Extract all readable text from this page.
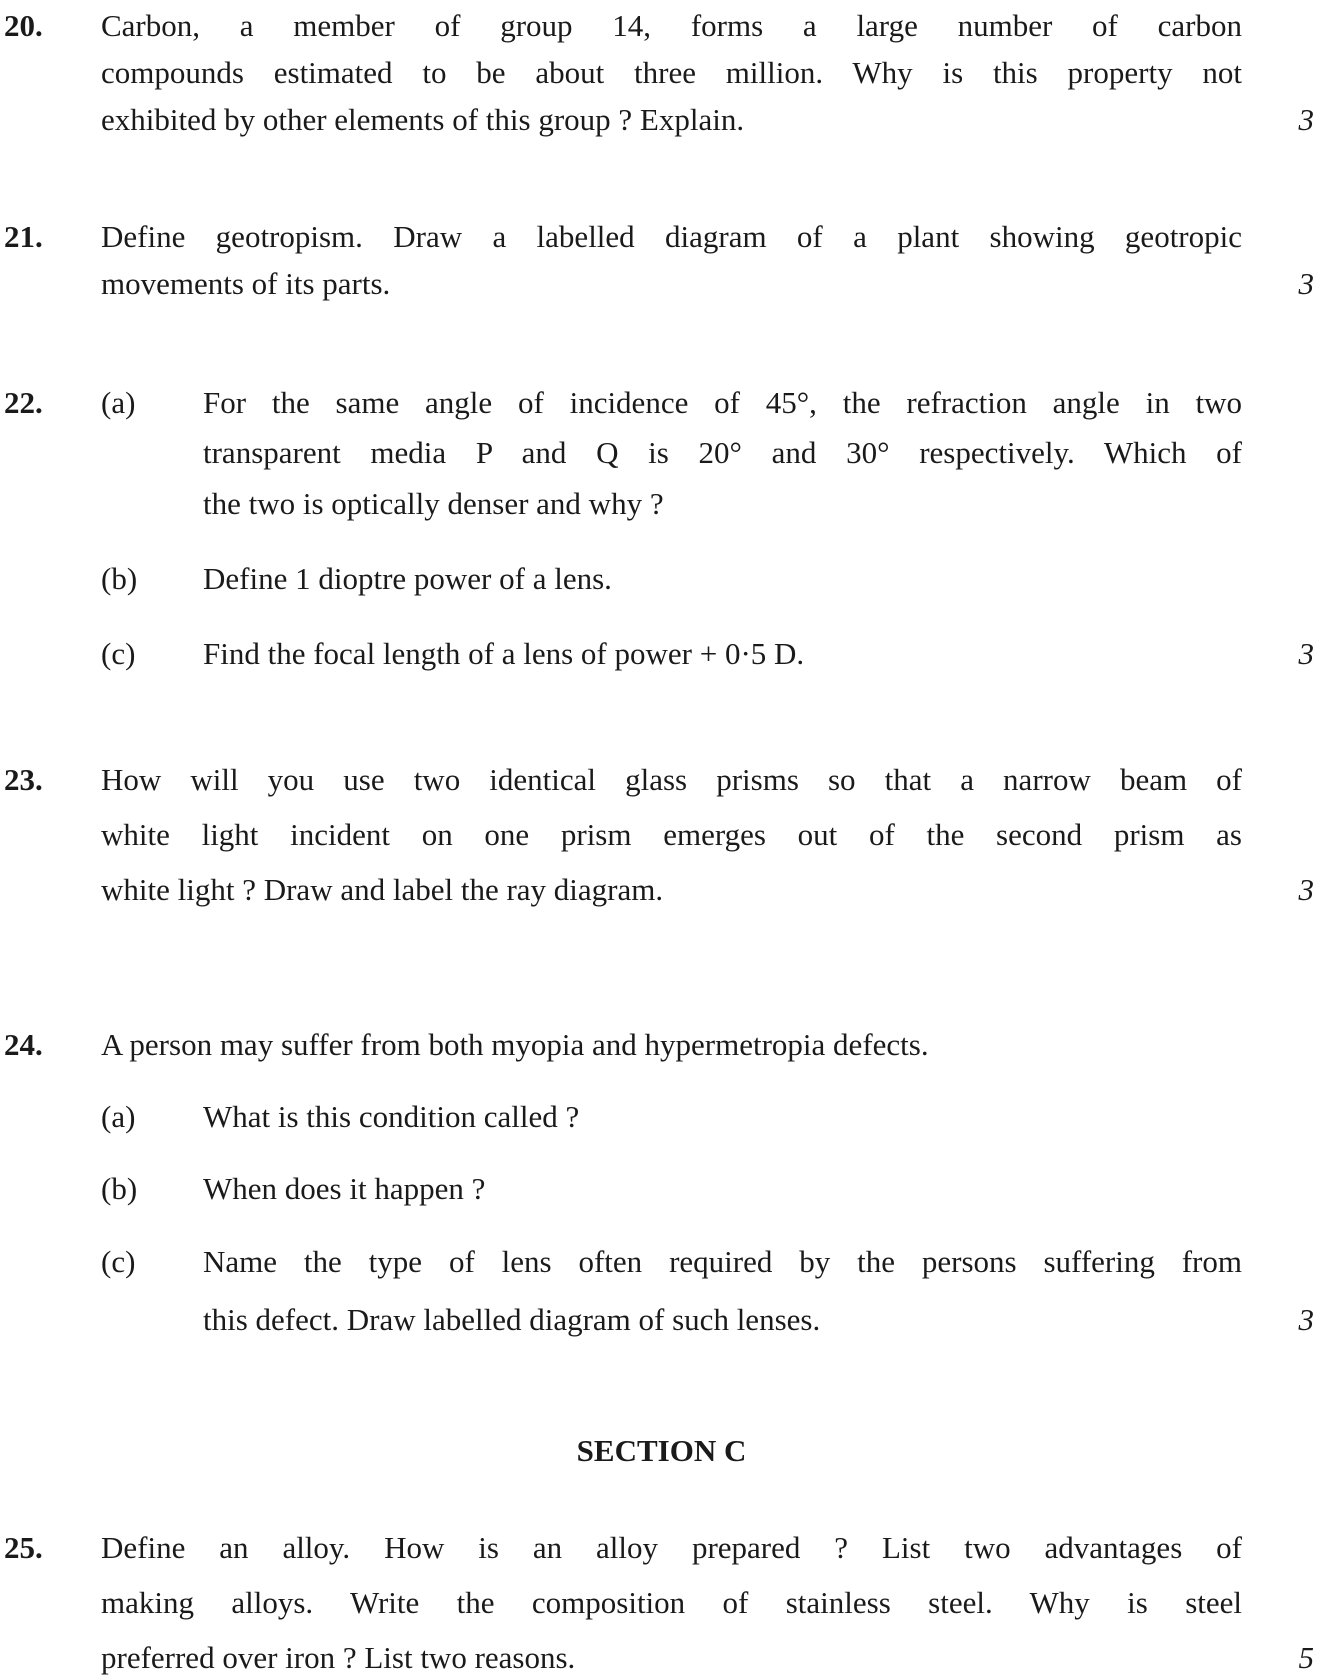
20. Carbon, a member of group 14, forms a large number of carbon
compounds estimated to be about three million. Why is this property not
exhibited by other elements of this group ? Explain.	3
21. Define geotropism. Draw a labelled diagram of a plant showing geotropic
movements of its parts.	3
22. (a) For the same angle of incidence of 45°, the refraction angle in two
transparent media P and Q is 20° and 30° respectively. Which of
the two is optically denser and why ?
(b) Define 1 dioptre power of a lens.
(c) Find the focal length of a lens of power + 0·5 D.	3
23. How will you use two identical glass prisms so that a narrow beam of
white light incident on one prism emerges out of the second prism as
white light ? Draw and label the ray diagram.	3
24. A person may suffer from both myopia and hypermetropia defects.
(a) What is this condition called ?
(b) When does it happen ?
(c) Name the type of lens often required by the persons suffering from
this defect. Draw labelled diagram of such lenses.	3
SECTION C
25. Define an alloy. How is an alloy prepared ? List two advantages of
making alloys. Write the composition of stainless steel. Why is steel
preferred over iron ? List two reasons.	5
